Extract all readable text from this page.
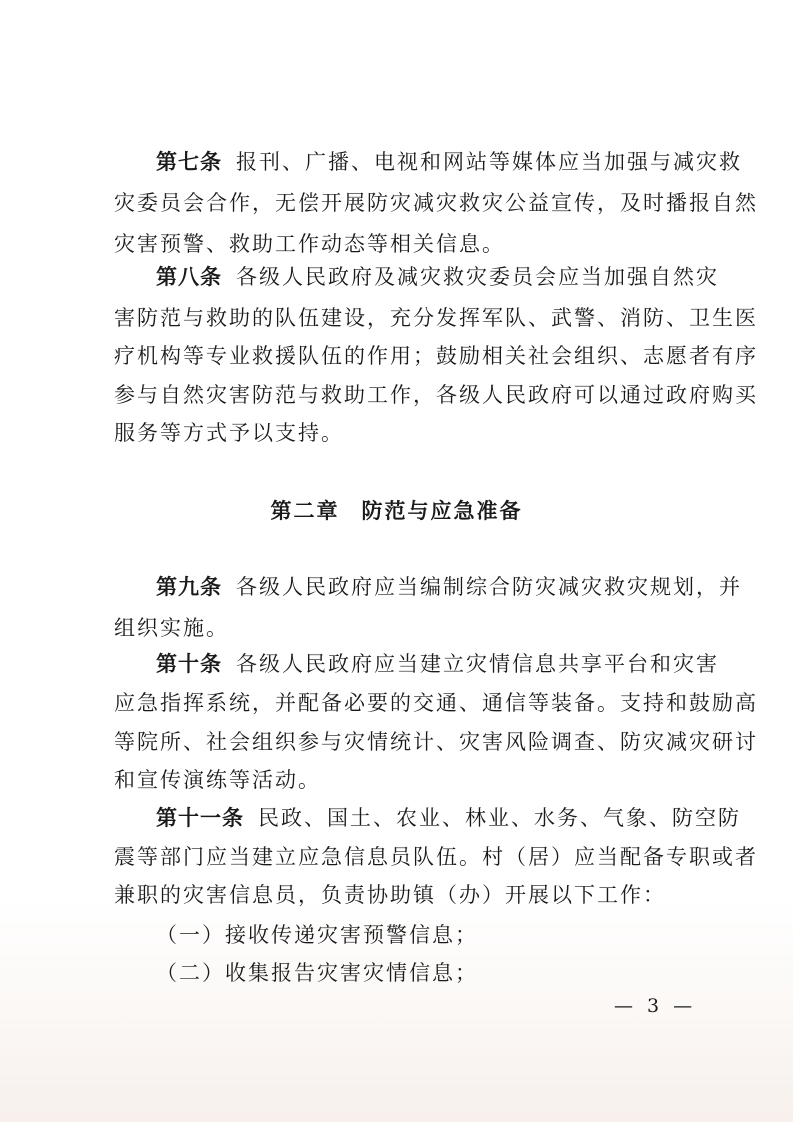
第七条 报刊、广播、电视和网站等媒体应当加强与减灾救
灾委员会合作，无偿开展防灾减灾救灾公益宣传，及时播报自然
灾害预警、救助工作动态等相关信息。
第八条 各级人民政府及减灾救灾委员会应当加强自然灾
害防范与救助的队伍建设，充分发挥军队、武警、消防、卫生医
疗机构等专业救援队伍的作用；鼓励相关社会组织、志愿者有序
参与自然灾害防范与救助工作，各级人民政府可以通过政府购买
服务等方式予以支持。
第二章 防范与应急准备
第九条 各级人民政府应当编制综合防灾减灾救灾规划，并
组织实施。
第十条 各级人民政府应当建立灾情信息共享平台和灾害
应急指挥系统，并配备必要的交通、通信等装备。支持和鼓励高
等院所、社会组织参与灾情统计、灾害风险调查、防灾减灾研讨
和宣传演练等活动。
第十一条 民政、国土、农业、林业、水务、气象、防空防
震等部门应当建立应急信息员队伍。村（居）应当配备专职或者
兼职的灾害信息员，负责协助镇（办）开展以下工作：
（一）接收传递灾害预警信息；
（二）收集报告灾害灾情信息；
— 3 —
